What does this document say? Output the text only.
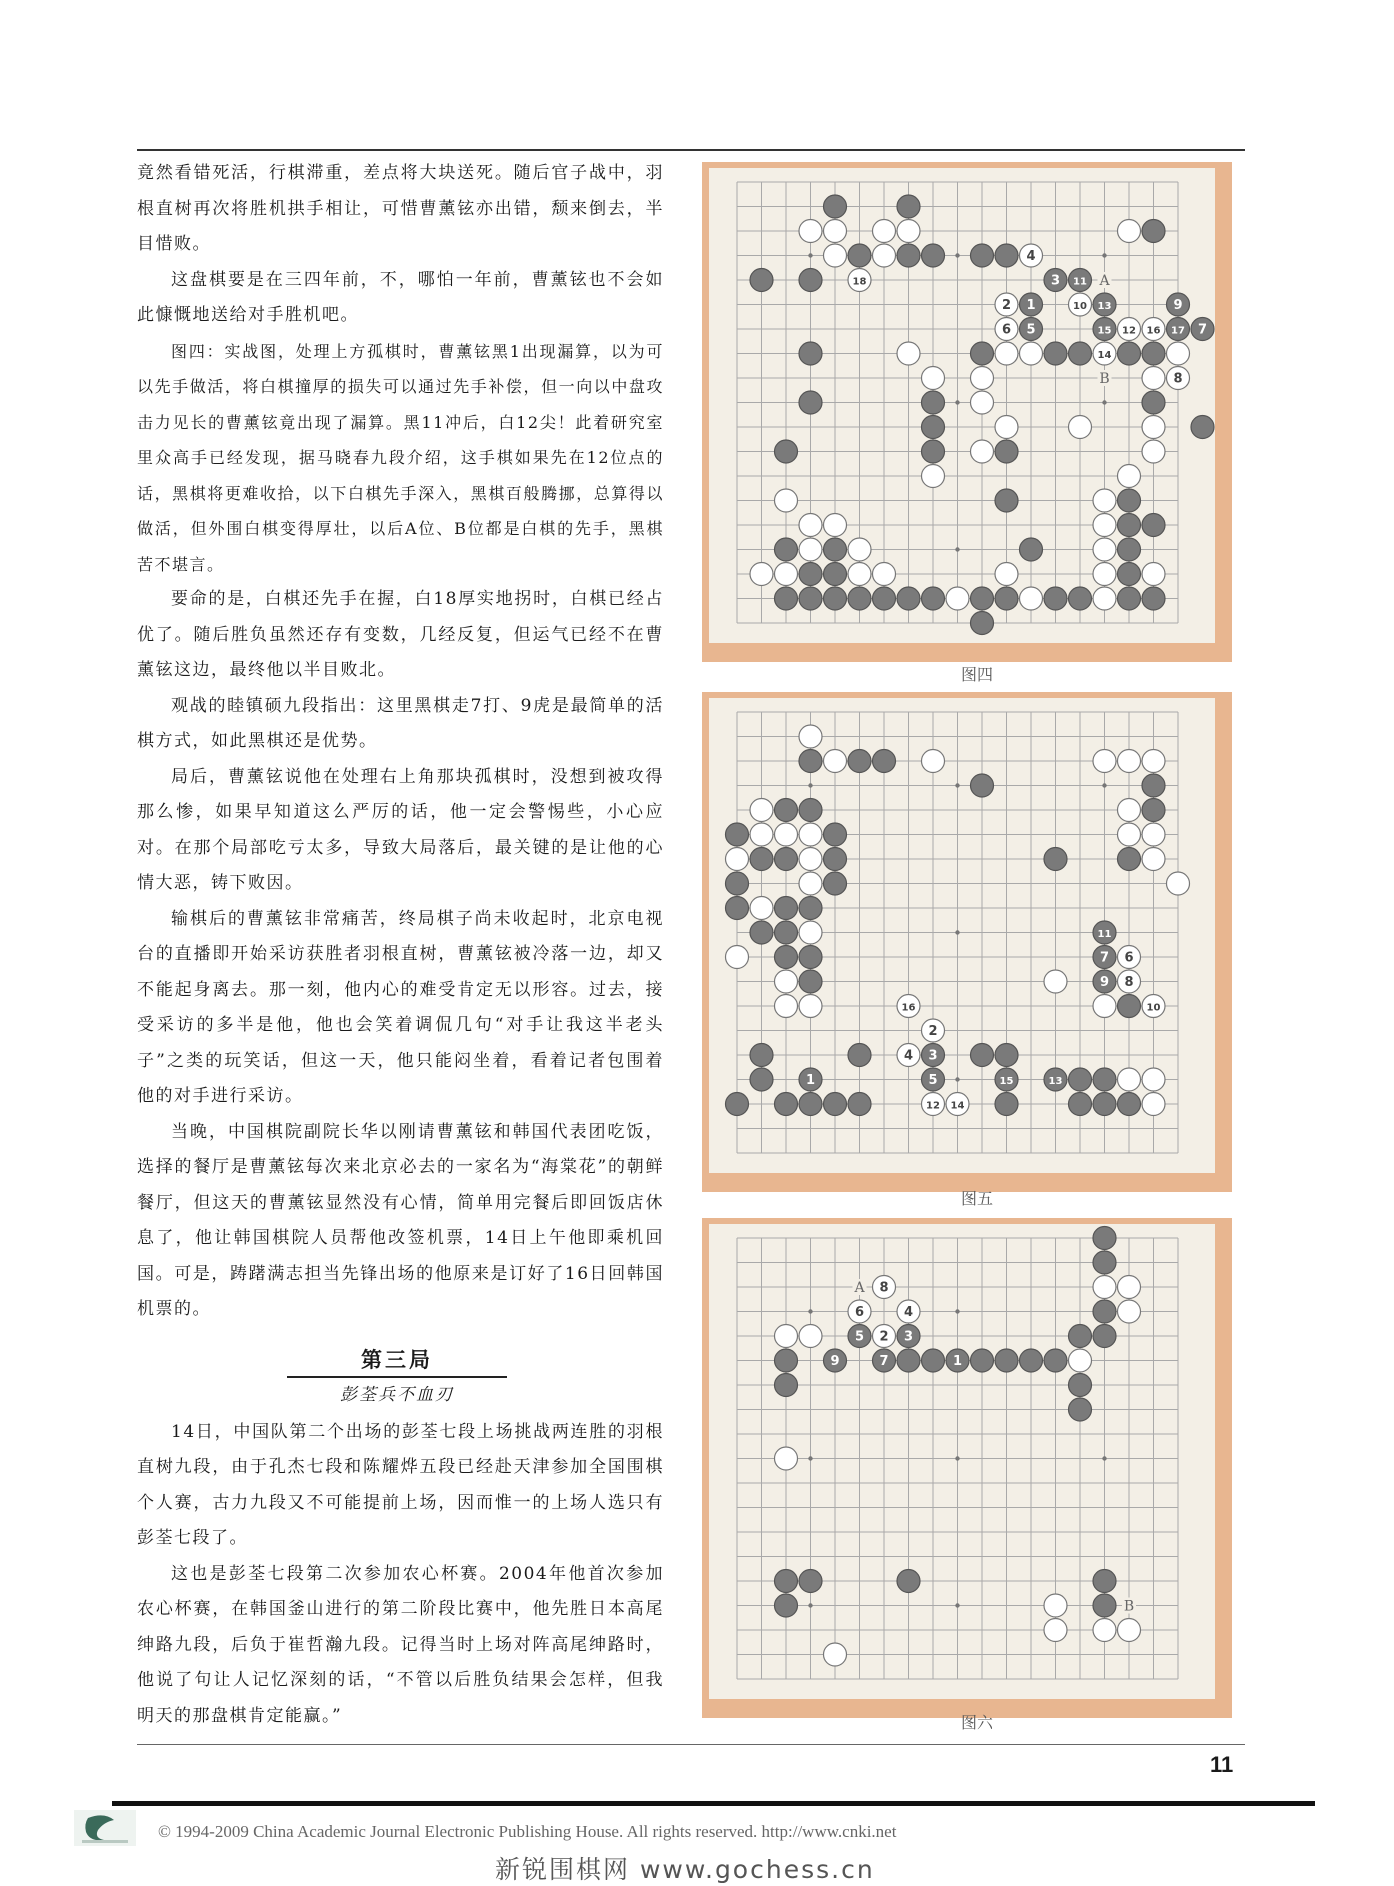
竟然看错死活，行棋滞重，差点将大块送死。随后官子战中，羽根直树再次将胜机拱手相让，可惜曹薰铉亦出错，颓来倒去，半目惜败。

这盘棋要是在三四年前，不，哪怕一年前，曹薰铉也不会如此慷慨地送给对手胜机吧。

图四：实战图，处理上方孤棋时，曹薰铉黑1出现漏算，以为可以先手做活，将白棋撞厚的损失可以通过先手补偿，但一向以中盘攻击力见长的曹薰铉竟出现了漏算。黑11冲后，白12尖！此着研究室里众高手已经发现，据马晓春九段介绍，这手棋如果先在12位点的话，黑棋将更难收拾，以下白棋先手深入，黑棋百般腾挪，总算得以做活，但外围白棋变得厚壮，以后A位、B位都是白棋的先手，黑棋苦不堪言。

要命的是，白棋还先手在握，白18厚实地拐时，白棋已经占优了。随后胜负虽然还存有变数，几经反复，但运气已经不在曹薰铉这边，最终他以半目败北。

观战的睦镇硕九段指出：这里黑棋走7打、9虎是最简单的活棋方式，如此黑棋还是优势。

局后，曹薰铉说他在处理右上角那块孤棋时，没想到被攻得那么惨，如果早知道这么严厉的话，他一定会警惕些，小心应对。在那个局部吃亏太多，导致大局落后，最关键的是让他的心情大恶，铸下败因。

输棋后的曹薰铉非常痛苦，终局棋子尚未收起时，北京电视台的直播即开始采访获胜者羽根直树，曹薰铉被冷落一边，却又不能起身离去。那一刻，他内心的难受肯定无以形容。过去，接受采访的多半是他，他也会笑着调侃几句“对手让我这半老头子”之类的玩笑话，但这一天，他只能闷坐着，看着记者包围着他的对手进行采访。

当晚，中国棋院副院长华以刚请曹薰铉和韩国代表团吃饭，选择的餐厅是曹薰铉每次来北京必去的一家名为“海棠花”的朝鲜餐厅，但这天的曹薰铉显然没有心情，简单用完餐后即回饭店休息了，他让韩国棋院人员帮他改签机票，14日上午他即乘机回国。可是，踌躇满志担当先锋出场的他原来是订好了16日回韩国机票的。

第三局
彭荃兵不血刃

14日，中国队第二个出场的彭荃七段上场挑战两连胜的羽根直树九段，由于孔杰七段和陈耀烨五段已经赴天津参加全国围棋个人赛，古力九段又不可能提前上场，因而惟一的上场人选只有彭荃七段了。

这也是彭荃七段第二次参加农心杯赛。2004年他首次参加农心杯赛，在韩国釜山进行的第二阶段比赛中，他先胜日本高尾绅路九段，后负于崔哲瀚九段。记得当时上场对阵高尾绅路时，他说了句让人记忆深刻的话，“不管以后胜负结果会怎样，但我明天的那盘棋肯定能赢。”

4
18	3 11
2 1	10 13	9
6 5	15 12 16 17 7
14
8
A
B
图四
11
7 6
9 8
16	10
2
4 3
1	5	15	13
12 14
图五
8
6	4
5 2 3
9	7	1
A
B
图六
11
© 1994-2009 China Academic Journal Electronic Publishing House. All rights reserved. http://www.cnki.net
新锐围棋网 www.gochess.cn
